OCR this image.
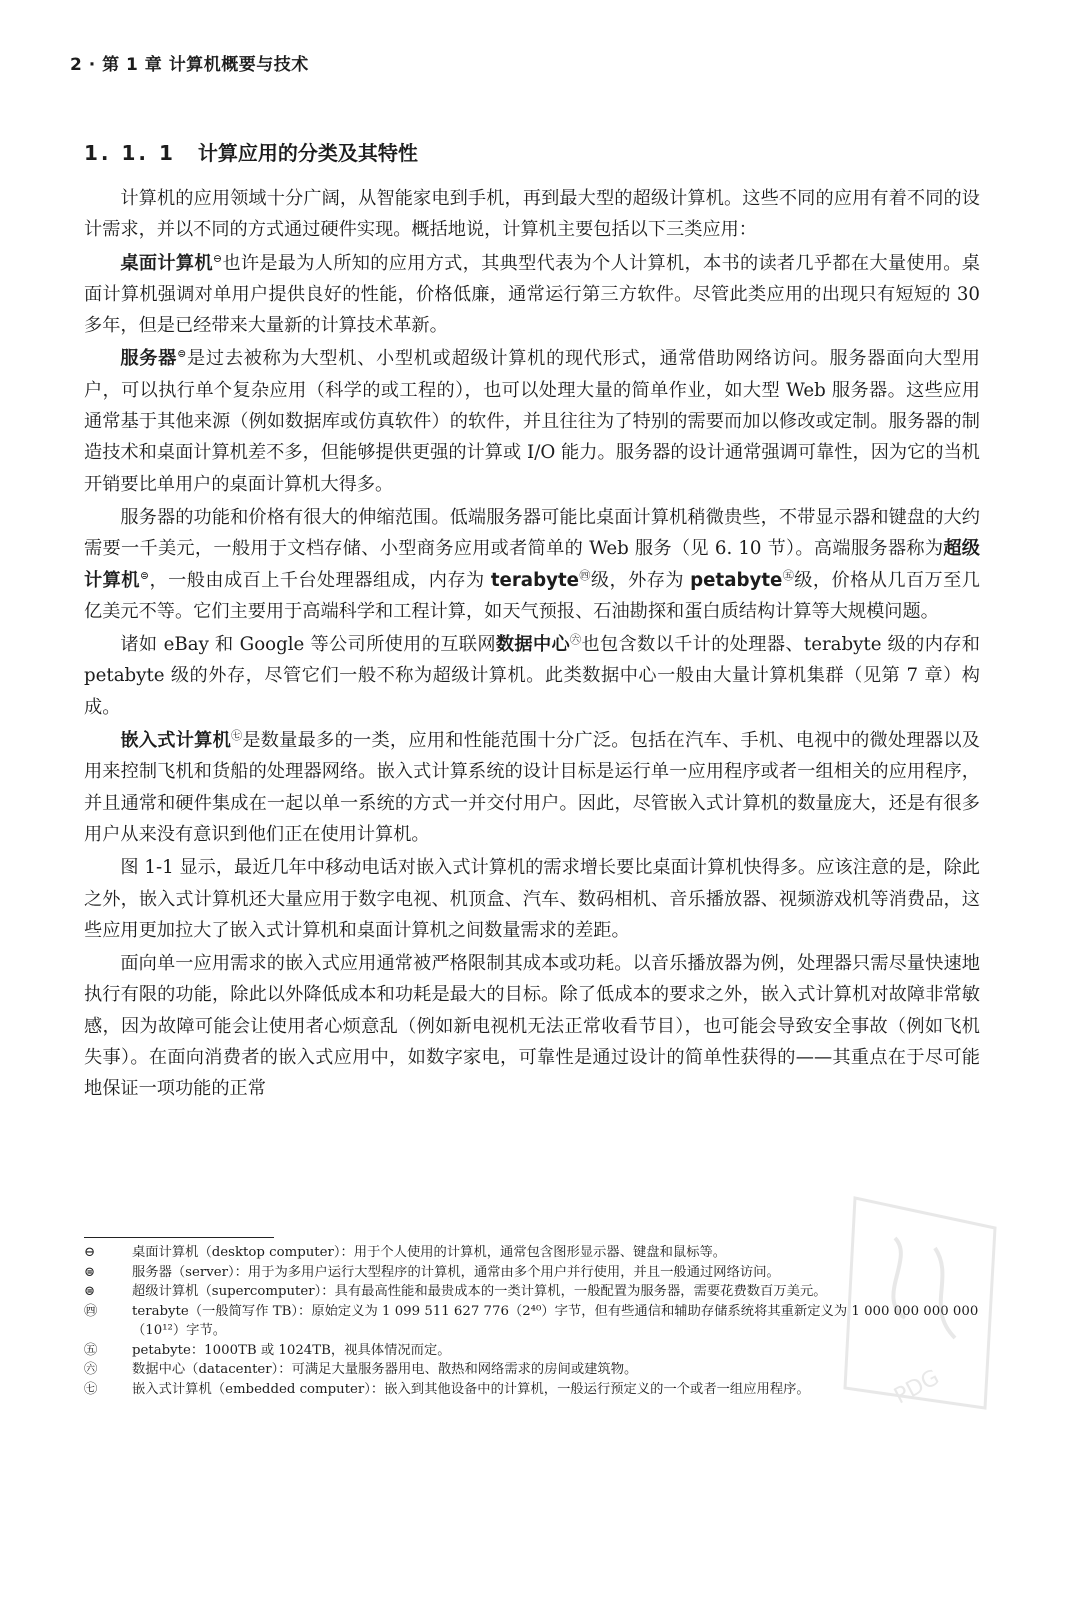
2 · 第 1 章 计算机概要与技术
1. 1. 1 计算应用的分类及其特性

计算机的应用领域十分广阔，从智能家电到手机，再到最大型的超级计算机。这些不同的应用有着不同的设计需求，并以不同的方式通过硬件实现。概括地说，计算机主要包括以下三类应用：

桌面计算机⊖也许是最为人所知的应用方式，其典型代表为个人计算机，本书的读者几乎都在大量使用。桌面计算机强调对单用户提供良好的性能，价格低廉，通常运行第三方软件。尽管此类应用的出现只有短短的 30 多年，但是已经带来大量新的计算技术革新。

服务器⊜是过去被称为大型机、小型机或超级计算机的现代形式，通常借助网络访问。服务器面向大型用户，可以执行单个复杂应用（科学的或工程的），也可以处理大量的简单作业，如大型 Web 服务器。这些应用通常基于其他来源（例如数据库或仿真软件）的软件，并且往往为了特别的需要而加以修改或定制。服务器的制造技术和桌面计算机差不多，但能够提供更强的计算或 I/O 能力。服务器的设计通常强调可靠性，因为它的当机开销要比单用户的桌面计算机大得多。

服务器的功能和价格有很大的伸缩范围。低端服务器可能比桌面计算机稍微贵些，不带显示器和键盘的大约需要一千美元，一般用于文档存储、小型商务应用或者简单的 Web 服务（见 6. 10 节）。高端服务器称为超级计算机⊜，一般由成百上千台处理器组成，内存为 terabyte$^㊃$级，外存为 petabyte$^㊄$级，价格从几百万至几亿美元不等。它们主要用于高端科学和工程计算，如天气预报、石油勘探和蛋白质结构计算等大规模问题。

诸如 eBay 和 Google 等公司所使用的互联网数据中心$^㊅$也包含数以千计的处理器、terabyte 级的内存和 petabyte 级的外存，尽管它们一般不称为超级计算机。此类数据中心一般由大量计算机集群（见第 7 章）构成。

嵌入式计算机$^㊆$是数量最多的一类，应用和性能范围十分广泛。包括在汽车、手机、电视中的微处理器以及用来控制飞机和货船的处理器网络。嵌入式计算系统的设计目标是运行单一应用程序或者一组相关的应用程序，并且通常和硬件集成在一起以单一系统的方式一并交付用户。因此，尽管嵌入式计算机的数量庞大，还是有很多用户从来没有意识到他们正在使用计算机。

图 1-1 显示，最近几年中移动电话对嵌入式计算机的需求增长要比桌面计算机快得多。应该注意的是，除此之外，嵌入式计算机还大量应用于数字电视、机顶盒、汽车、数码相机、音乐播放器、视频游戏机等消费品，这些应用更加拉大了嵌入式计算机和桌面计算机之间数量需求的差距。

面向单一应用需求的嵌入式应用通常被严格限制其成本或功耗。以音乐播放器为例，处理器只需尽量快速地执行有限的功能，除此以外降低成本和功耗是最大的目标。除了低成本的要求之外，嵌入式计算机对故障非常敏感，因为故障可能会让使用者心烦意乱（例如新电视机无法正常收看节目），也可能会导致安全事故（例如飞机失事）。在面向消费者的嵌入式应用中，如数字家电，可靠性是通过设计的简单性获得的——其重点在于尽可能地保证一项功能的正常

⊖	桌面计算机（desktop computer）：用于个人使用的计算机，通常包含图形显示器、键盘和鼠标等。
⊜	服务器（server）：用于为多用户运行大型程序的计算机，通常由多个用户并行使用，并且一般通过网络访问。
⊜	超级计算机（supercomputer）：具有最高性能和最贵成本的一类计算机，一般配置为服务器，需要花费数百万美元。
㊃	terabyte（一般简写作 TB）：原始定义为 1 099 511 627 776（2⁴⁰）字节，但有些通信和辅助存储系统将其重新定义为 1 000 000 000 000（10¹²）字节。
㊄	petabyte：1000TB 或 1024TB，视具体情况而定。
㊅	数据中心（datacenter）：可满足大量服务器用电、散热和网络需求的房间或建筑物。
㊆	嵌入式计算机（embedded computer）：嵌入到其他设备中的计算机，一般运行预定义的一个或者一组应用程序。	PDG
